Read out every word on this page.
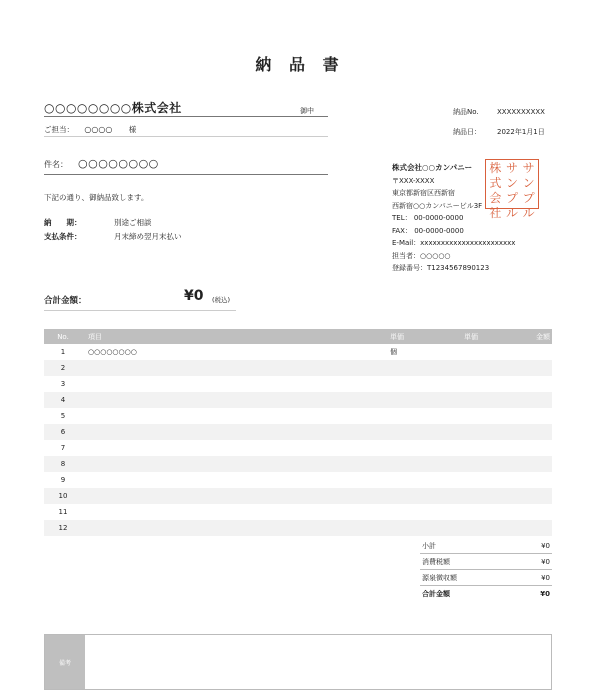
納 品 書
○○○○○○○○株式会社	御中
ご担当： ○○○○ 様
納品No.	XXXXXXXXXX
納品日： 2022年1月1日
件名： ○○○○○○○○
下記の通り、御納品致します。
納　　期：	別途ご相談
支払条件：	月末締め翌月末払い
株式会社○○カンパニー
〒XXX-XXXX
東京都新宿区西新宿
西新宿○○カンパニービル3F
TEL： 00-0000-0000
FAX： 00-0000-0000
E-Mail：xxxxxxxxxxxxxxxxxxxxxxx
担当者：○○○○○
登録番号：T1234567890123
株 サ サ
式 ン ン
会 プ プ
社 ル ル
合計金額：	¥0 (税込)
No.	項目	単価	単価	金額
1	○○○○○○○○	個
2
3
4
5
6
7
8
9
10
11
12
小計	¥0
消費税額	¥0
源泉徴収額	¥0
合計金額	¥0
備考
